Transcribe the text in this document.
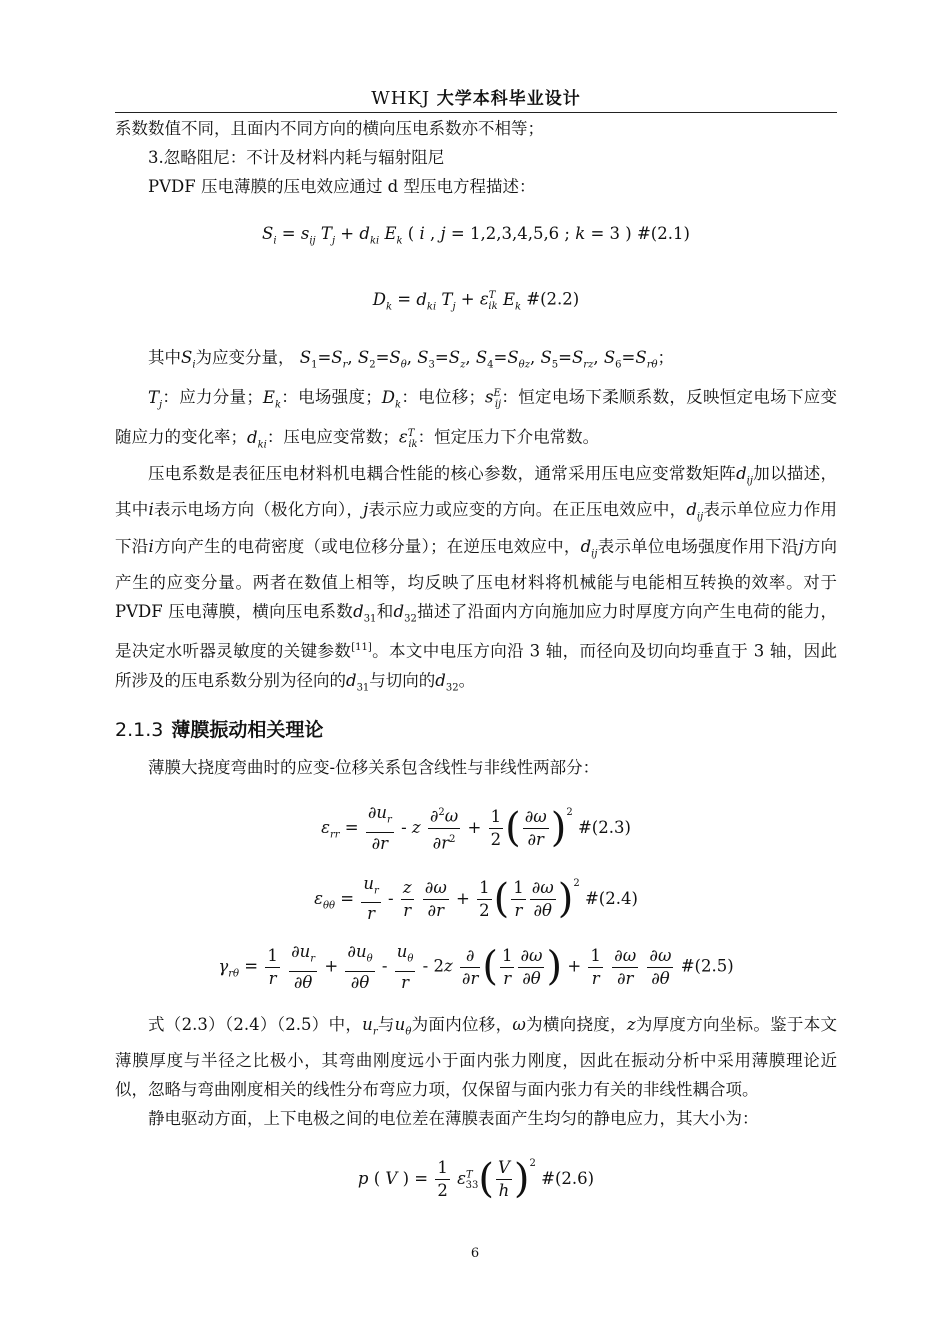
WHKJ 大学本科毕业设计

系数数值不同，且面内不同方向的横向压电系数亦不相等；

3.忽略阻尼：不计及材料内耗与辐射阻尼

PVDF 压电薄膜的压电效应通过 d 型压电方程描述：

$S_i = s_{ij}$ $T_j + d_{ki}$ $E_k$ ( i , j = 1,2,3,4,5,6 ; k = 3 ) #(2.1)

$D_k = d_{ki}$ $T_j + \varepsilon^T_{ik}$ $E_k$ #(2.2)

其中$S_i$为应变分量， $S_1=S_r$, $S_2=S_\theta$, $S_3=S_z$, $S_4=S_{\theta z}$, $S_5=S_{rz}$, $S_6=S_{r\theta}$；

$T_j$：应力分量；$E_k$：电场强度；$D_k$：电位移；$s^E_{ij}$：恒定电场下柔顺系数，反映恒定电场下应变随应力的变化率；$d_{ki}$：压电应变常数；$\varepsilon^T_{ik}$：恒定压力下介电常数。

压电系数是表征压电材料机电耦合性能的核心参数，通常采用压电应变常数矩阵$d_{ij}$加以描述，其中i表示电场方向（极化方向），j表示应力或应变的方向。在正压电效应中，$d_{ij}$表示单位应力作用下沿i方向产生的电荷密度（或电位移分量）；在逆压电效应中，$d_{ij}$表示单位电场强度作用下沿j方向产生的应变分量。两者在数值上相等，均反映了压电材料将机械能与电能相互转换的效率。对于 PVDF 压电薄膜，横向压电系数$d_{31}$和$d_{32}$描述了沿面内方向施加应力时厚度方向产生电荷的能力，是决定水听器灵敏度的关键参数[11]。本文中电压方向沿 3 轴，而径向及切向均垂直于 3 轴，因此所涉及的压电系数分别为径向的$d_{31}$与切向的$d_{32}$。

2.1.3 薄膜振动相关理论

薄膜大挠度弯曲时的应变-位移关系包含线性与非线性两部分：

$\varepsilon_{rr} = \frac{\partial u_r}{\partial r} - z \frac{\partial^2\omega}{\partial r^2} + \frac{1}{2}$ ( $\frac{\partial\omega}{\partial r} )^2$ #(2.3)

$\varepsilon_{\theta\theta} = \frac{u_r}{r} - \frac{z}{r}$
$\frac{\partial\omega}{\partial r} + \frac{1}{2}$ ( $\frac{1}{r} \frac{\partial\omega}{\partial\theta} )^2$ #(2.4)

$\gamma_{r\theta} = \frac{1}{r}$
$\frac{\partial u_r}{\partial\theta} + \frac{\partial u_\theta}{\partial\theta} - \frac{u_\theta}{r} - 2z \frac{\partial}{\partial r}$ ( $\frac{1}{r} \frac{\partial\omega}{\partial\theta}$ ) + $\frac{1}{r}$
$\frac{\partial\omega}{\partial r}$
$\frac{\partial\omega}{\partial\theta}$ #(2.5)

式（2.3）（2.4）（2.5）中，$u_r$与$u_\theta$为面内位移，ω为横向挠度，z为厚度方向坐标。鉴于本文薄膜厚度与半径之比极小，其弯曲刚度远小于面内张力刚度，因此在振动分析中采用薄膜理论近似，忽略与弯曲刚度相关的线性分布弯应力项，仅保留与面内张力有关的非线性耦合项。

静电驱动方面，上下电极之间的电位差在薄膜表面产生均匀的静电应力，其大小为：

p ( V ) = $\frac{1}{2} \varepsilon^T_{33}( \frac{V}{h} )^2$ #(2.6)

6
